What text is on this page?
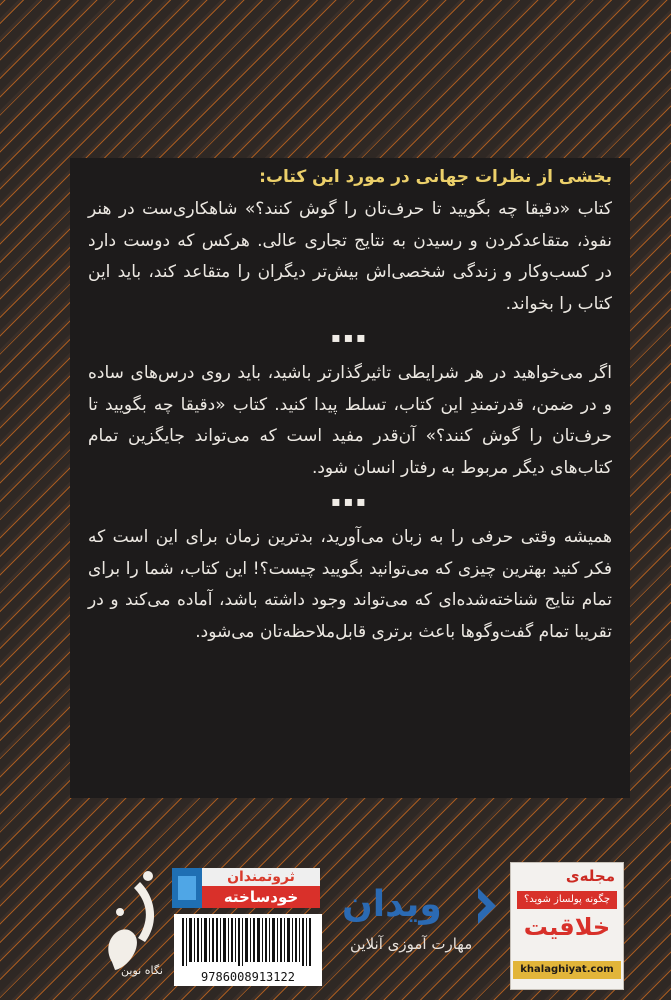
بخشی از نظرات جهانی در مورد این کتاب:

کتاب «دقیقا چه بگویید تا حرف‌تان را گوش کنند؟» شاهکاری‌ست در هنر نفوذ، متقاعدکردن و رسیدن به نتایج تجاری عالی. هرکس که دوست دارد در کسب‌وکار و زندگی شخصی‌اش بیش‌تر دیگران را متقاعد کند، باید این کتاب را بخواند.

▪▪▪

اگر می‌خواهید در هر شرایطی تاثیرگذارتر باشید، باید روی درس‌های ساده و در ضمن، قدرتمندِ این کتاب، تسلط پیدا کنید. کتاب «دقیقا چه بگویید تا حرف‌تان را گوش کنند؟» آن‌قدر مفید است که می‌تواند جایگزین تمام کتاب‌های دیگر مربوط به رفتار انسان شود.

▪▪▪

همیشه وقتی حرفی را به زبان می‌آورید، بدترین زمان برای این است که فکر کنید بهترین چیزی که می‌توانید بگویید چیست؟! این کتاب، شما را برای تمام نتایج شناخته‌شده‌ای که می‌تواند وجود داشته باشد، آماده می‌کند و در تقریبا تمام گفت‌وگوها باعث برتری قابل‌ملاحظه‌تان می‌شود.

نگاه نوین
ثروتمندان
خودساخته
9786008913122
ویدان
مهارت آموزی آنلاین
مجله‌ی
چگونه پولساز شوید؟
خلاقیت
khalaghiyat.com
